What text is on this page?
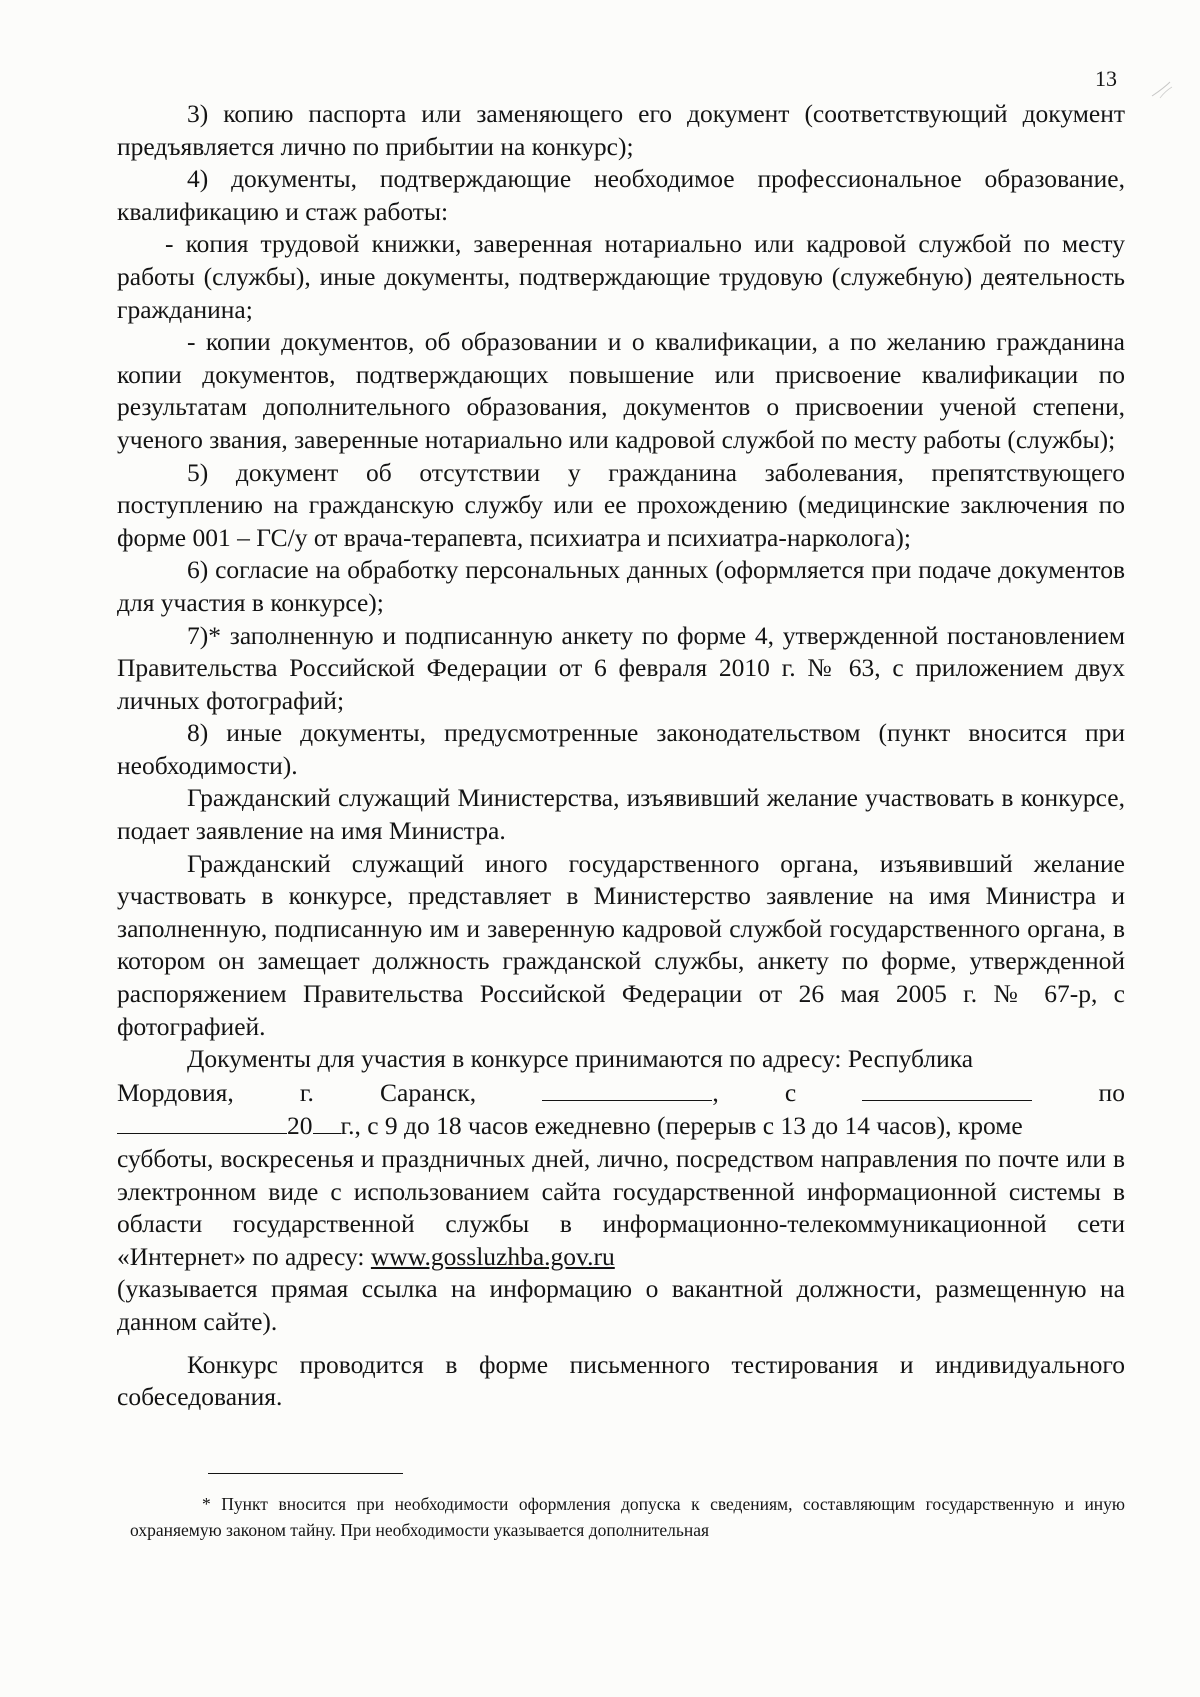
13

3) копию паспорта или заменяющего его документ (соответствующий документ предъявляется лично по прибытии на конкурс);

4) документы, подтверждающие необходимое профессиональное образование, квалификацию и стаж работы:

- копия трудовой книжки, заверенная нотариально или кадровой службой по месту работы (службы), иные документы, подтверждающие трудовую (служебную) деятельность гражданина;

- копии документов, об образовании и о квалификации, а по желанию гражданина копии документов, подтверждающих повышение или присвоение квалификации по результатам дополнительного образования, документов о присвоении ученой степени, ученого звания, заверенные нотариально или кадровой службой по месту работы (службы);

5) документ об отсутствии у гражданина заболевания, препятствующего поступлению на гражданскую службу или ее прохождению (медицинские заключения по форме 001 – ГС/у от врача-терапевта, психиатра и психиатра-нарколога);

6) согласие на обработку персональных данных (оформляется при подаче документов для участия в конкурсе);

7)* заполненную и подписанную анкету по форме 4, утвержденной постановлением Правительства Российской Федерации от 6 февраля 2010 г. № 63, с приложением двух личных фотографий;

8) иные документы, предусмотренные законодательством (пункт вносится при необходимости).

Гражданский служащий Министерства, изъявивший желание участвовать в конкурсе, подает заявление на имя Министра.

Гражданский служащий иного государственного органа, изъявивший желание участвовать в конкурсе, представляет в Министерство заявление на имя Министра и заполненную, подписанную им и заверенную кадровой службой государственного органа, в котором он замещает должность гражданской службы, анкету по форме, утвержденной распоряжением Правительства Российской Федерации от 26 мая 2005 г. № 67-р, с фотографией.

Документы для участия в конкурсе принимаются по адресу: Республика

Мордовия,	г.	Саранск,	,	с	по

20 г., с 9 до 18 часов ежедневно (перерыв с 13 до 14 часов), кроме

субботы, воскресенья и праздничных дней, лично, посредством направления по почте или в электронном виде с использованием сайта государственной информационной системы в области государственной службы в информационно-телекоммуникационной сети «Интернет» по адресу: www.gossluzhba.gov.ru

(указывается прямая ссылка на информацию о вакантной должности, размещенную на данном сайте).

Конкурс проводится в форме письменного тестирования и индивидуального собеседования.

* Пункт вносится при необходимости оформления допуска к сведениям, составляющим государственную и иную охраняемую законом тайну. При необходимости указывается дополнительная
